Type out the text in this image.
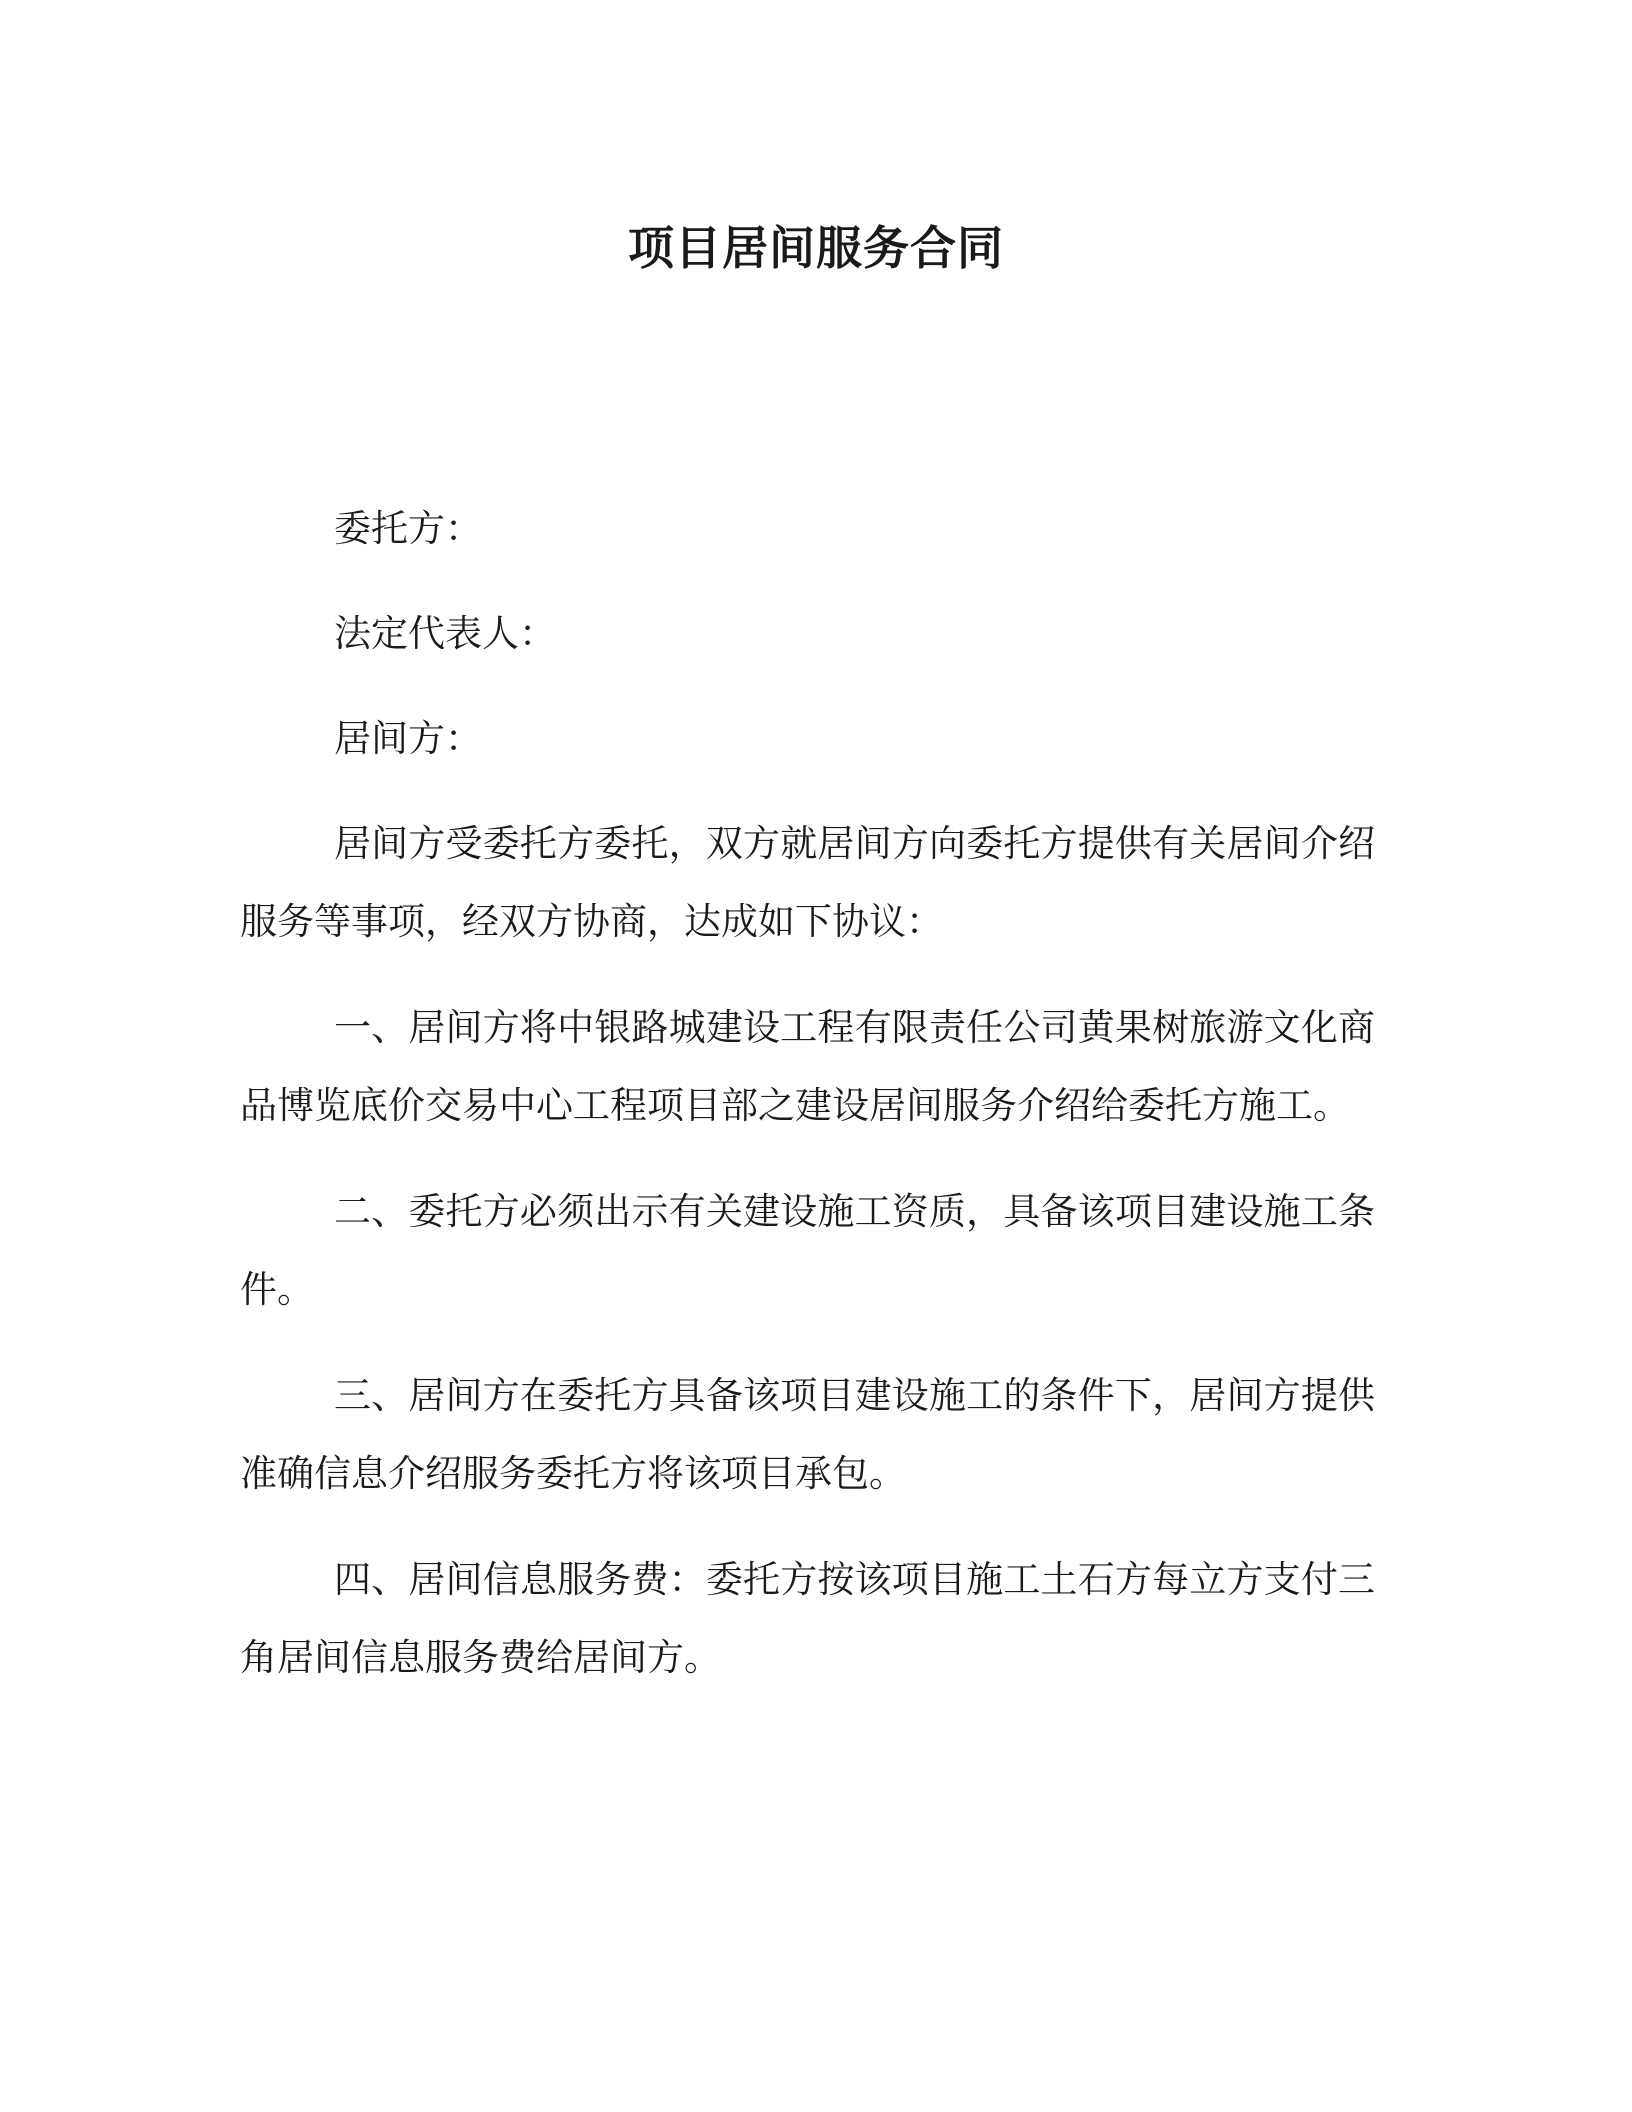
项目居间服务合同

委托方：

法定代表人：

居间方：

居间方受委托方委托，双方就居间方向委托方提供有关居间介绍服务等事项，经双方协商，达成如下协议：

一、居间方将中银路城建设工程有限责任公司黄果树旅游文化商品博览底价交易中心工程项目部之建设居间服务介绍给委托方施工。

二、委托方必须出示有关建设施工资质，具备该项目建设施工条件。

三、居间方在委托方具备该项目建设施工的条件下，居间方提供准确信息介绍服务委托方将该项目承包。

四、居间信息服务费：委托方按该项目施工土石方每立方支付三角居间信息服务费给居间方。
